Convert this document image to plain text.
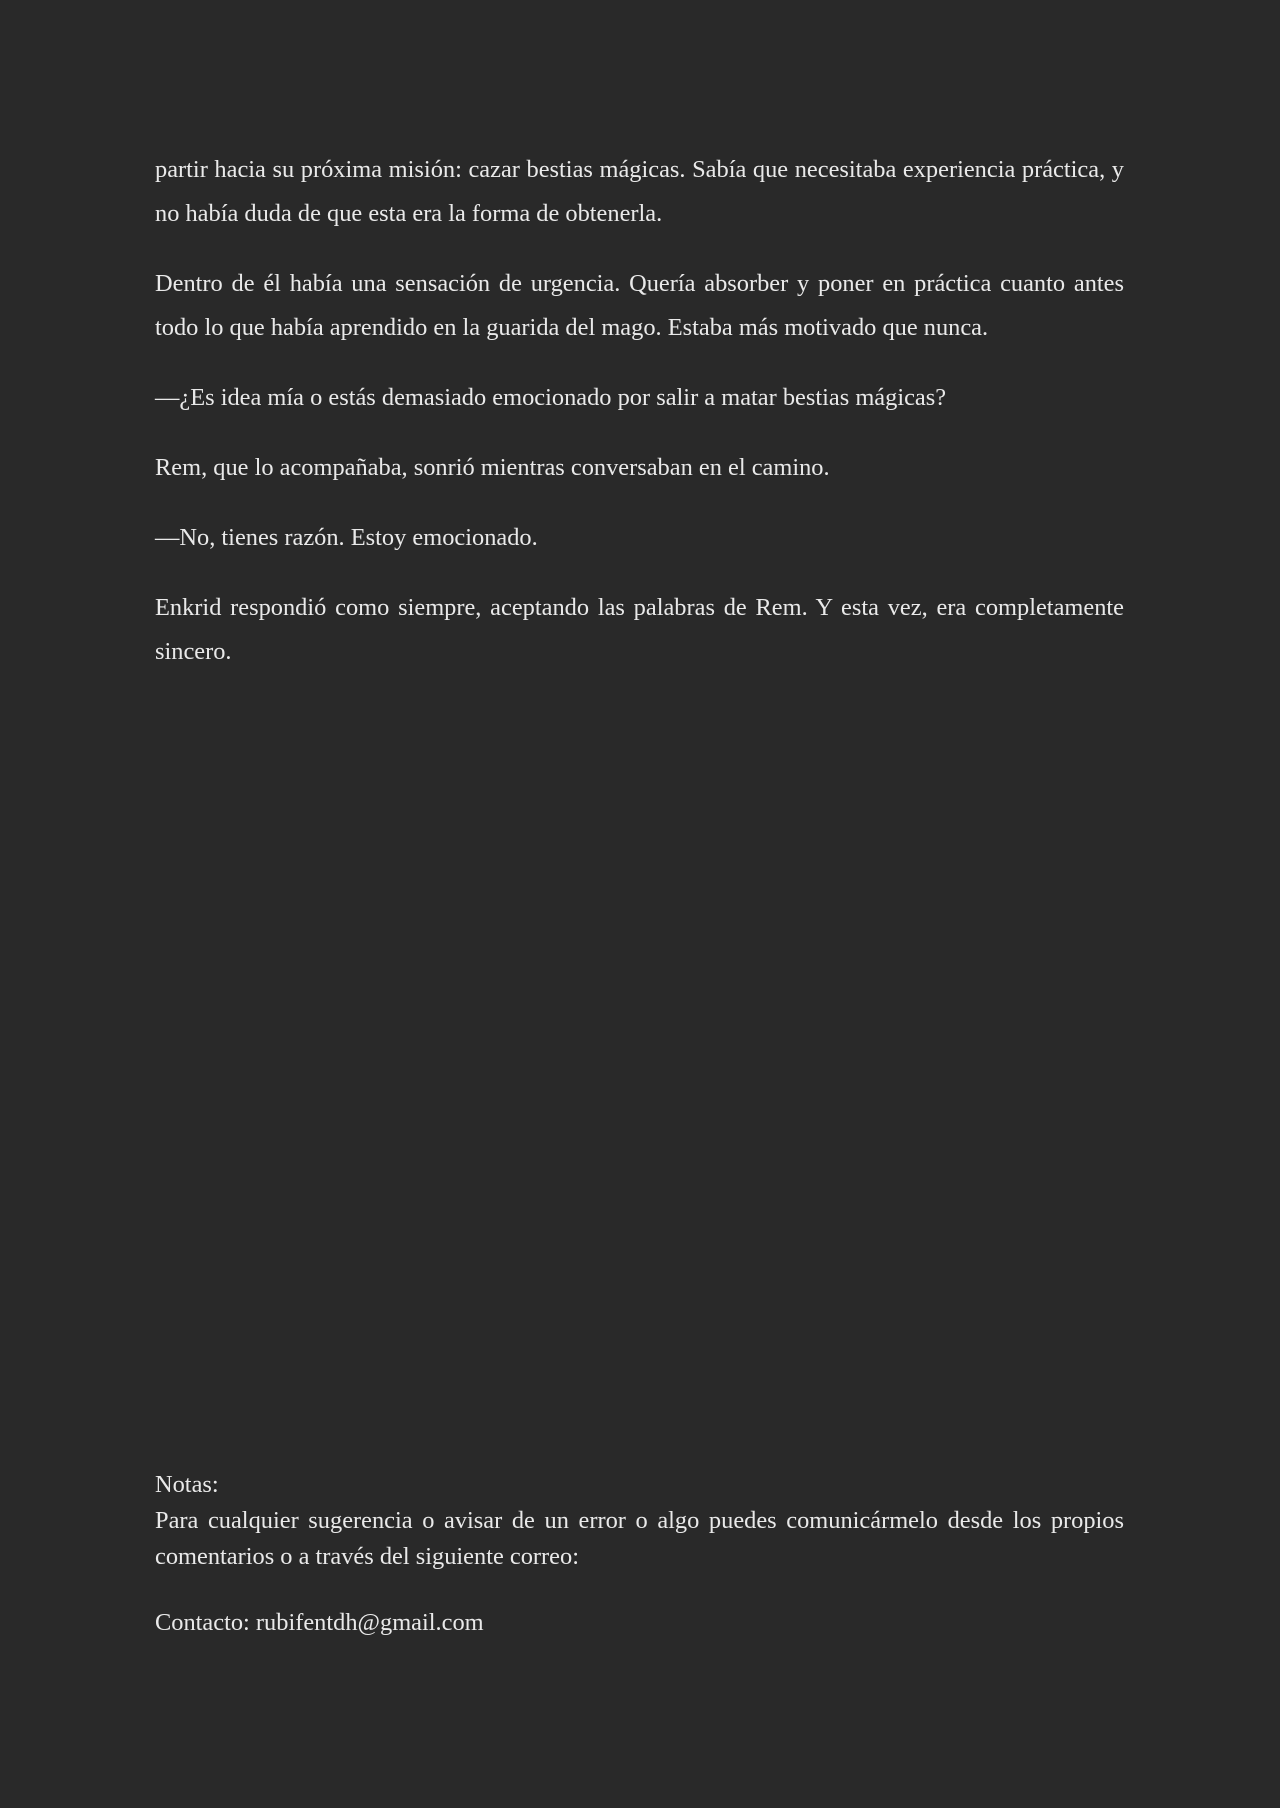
partir hacia su próxima misión: cazar bestias mágicas. Sabía que necesitaba experiencia práctica, y no había duda de que esta era la forma de obtenerla.

Dentro de él había una sensación de urgencia. Quería absorber y poner en práctica cuanto antes todo lo que había aprendido en la guarida del mago. Estaba más motivado que nunca.

—¿Es idea mía o estás demasiado emocionado por salir a matar bestias mágicas?

Rem, que lo acompañaba, sonrió mientras conversaban en el camino.

—No, tienes razón. Estoy emocionado.

Enkrid respondió como siempre, aceptando las palabras de Rem. Y esta vez, era completamente sincero.

Notas:
Para cualquier sugerencia o avisar de un error o algo puedes comunicármelo desde los propios comentarios o a través del siguiente correo:
Contacto: rubifentdh@gmail.com
